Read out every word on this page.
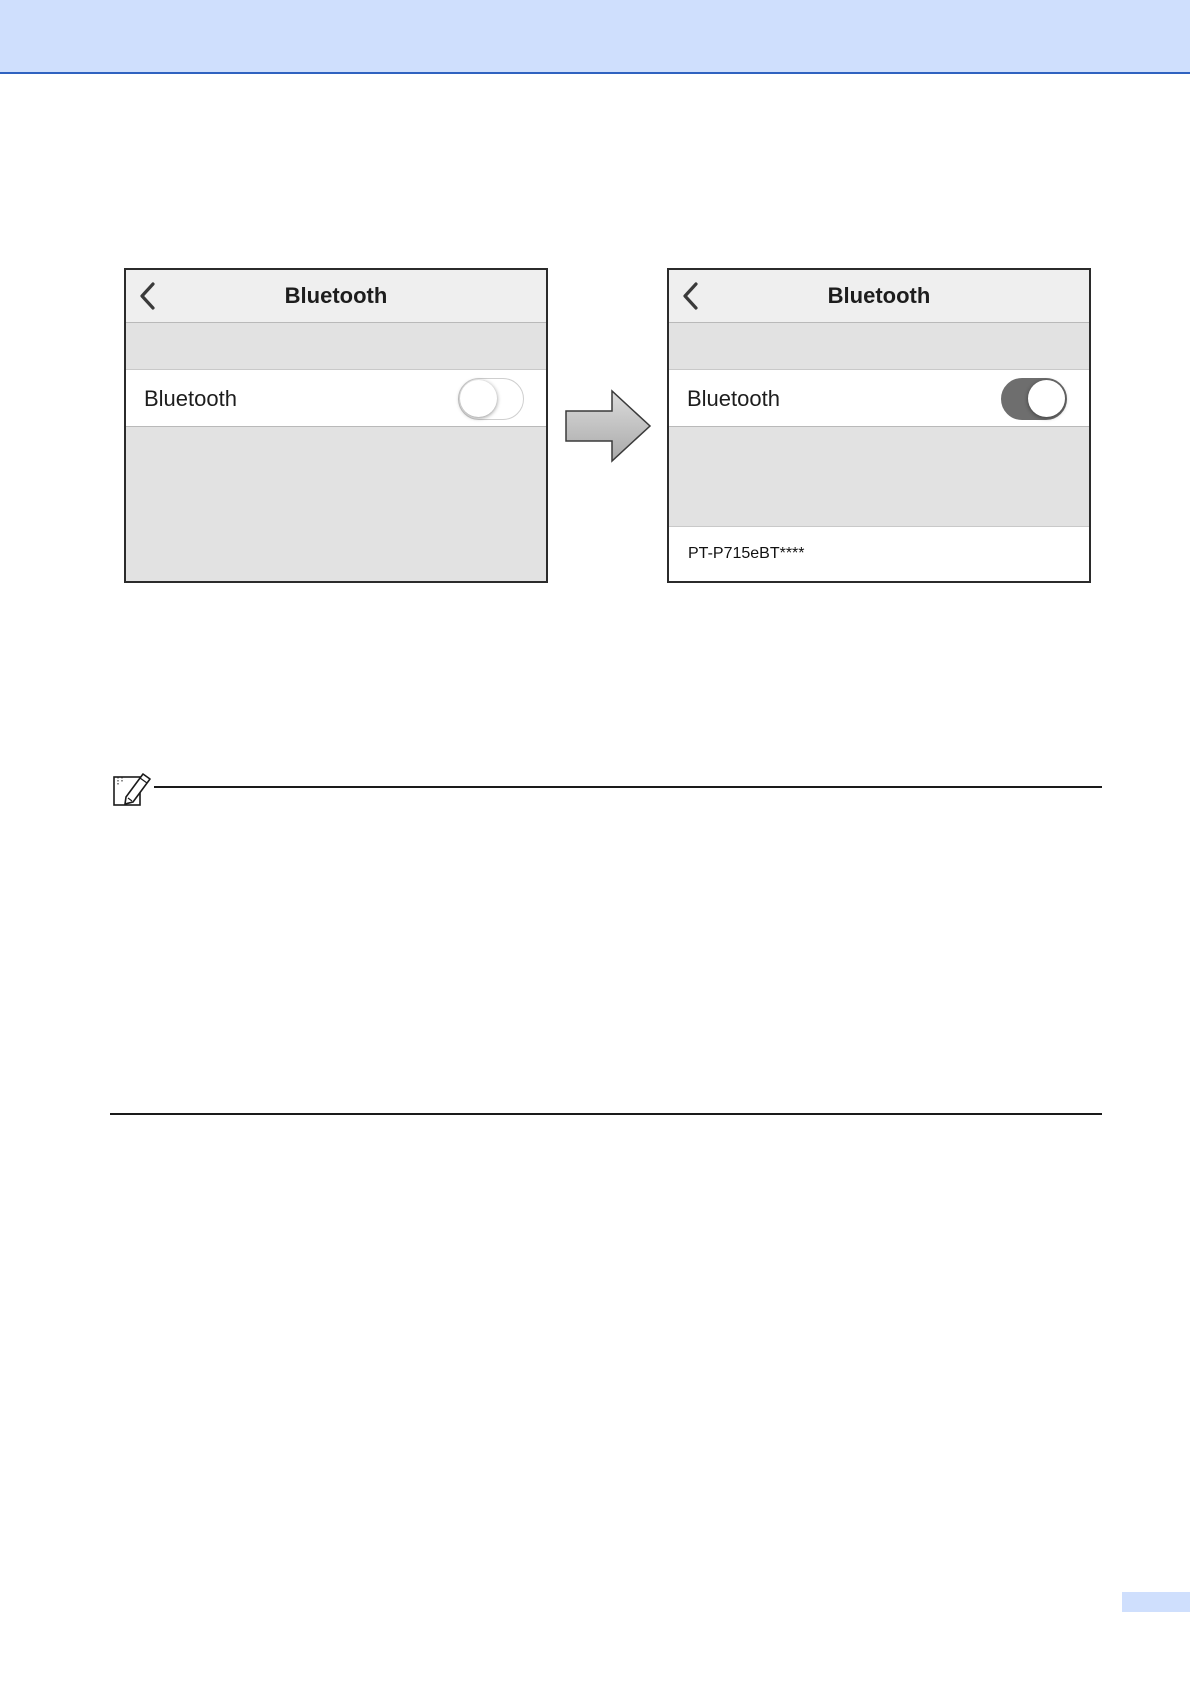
Bluetooth
Bluetooth
Bluetooth
Bluetooth
PT-P715eBT****
